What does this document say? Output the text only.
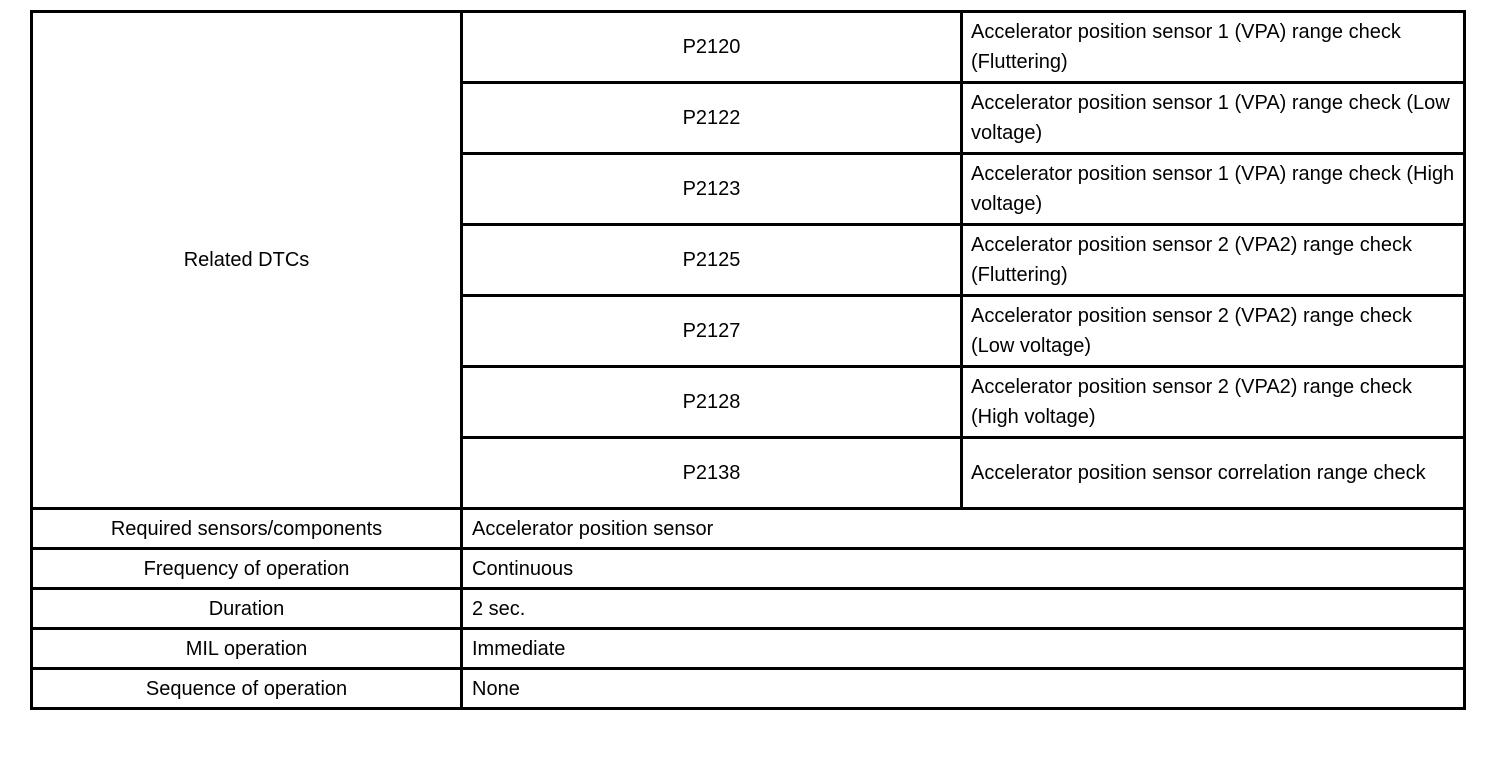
Related DTCs	P2120	Accelerator position sensor 1 (VPA) range check (Fluttering)
	P2122	Accelerator position sensor 1 (VPA) range check (Low voltage)
	P2123	Accelerator position sensor 1 (VPA) range check (High voltage)
	P2125	Accelerator position sensor 2 (VPA2) range check (Fluttering)
	P2127	Accelerator position sensor 2 (VPA2) range check (Low voltage)
	P2128	Accelerator position sensor 2 (VPA2) range check (High voltage)
	P2138	Accelerator position sensor correlation range check
Required sensors/components	Accelerator position sensor	
Frequency of operation	Continuous	
Duration	2 sec.	
MIL operation	Immediate	
Sequence of operation	None	
